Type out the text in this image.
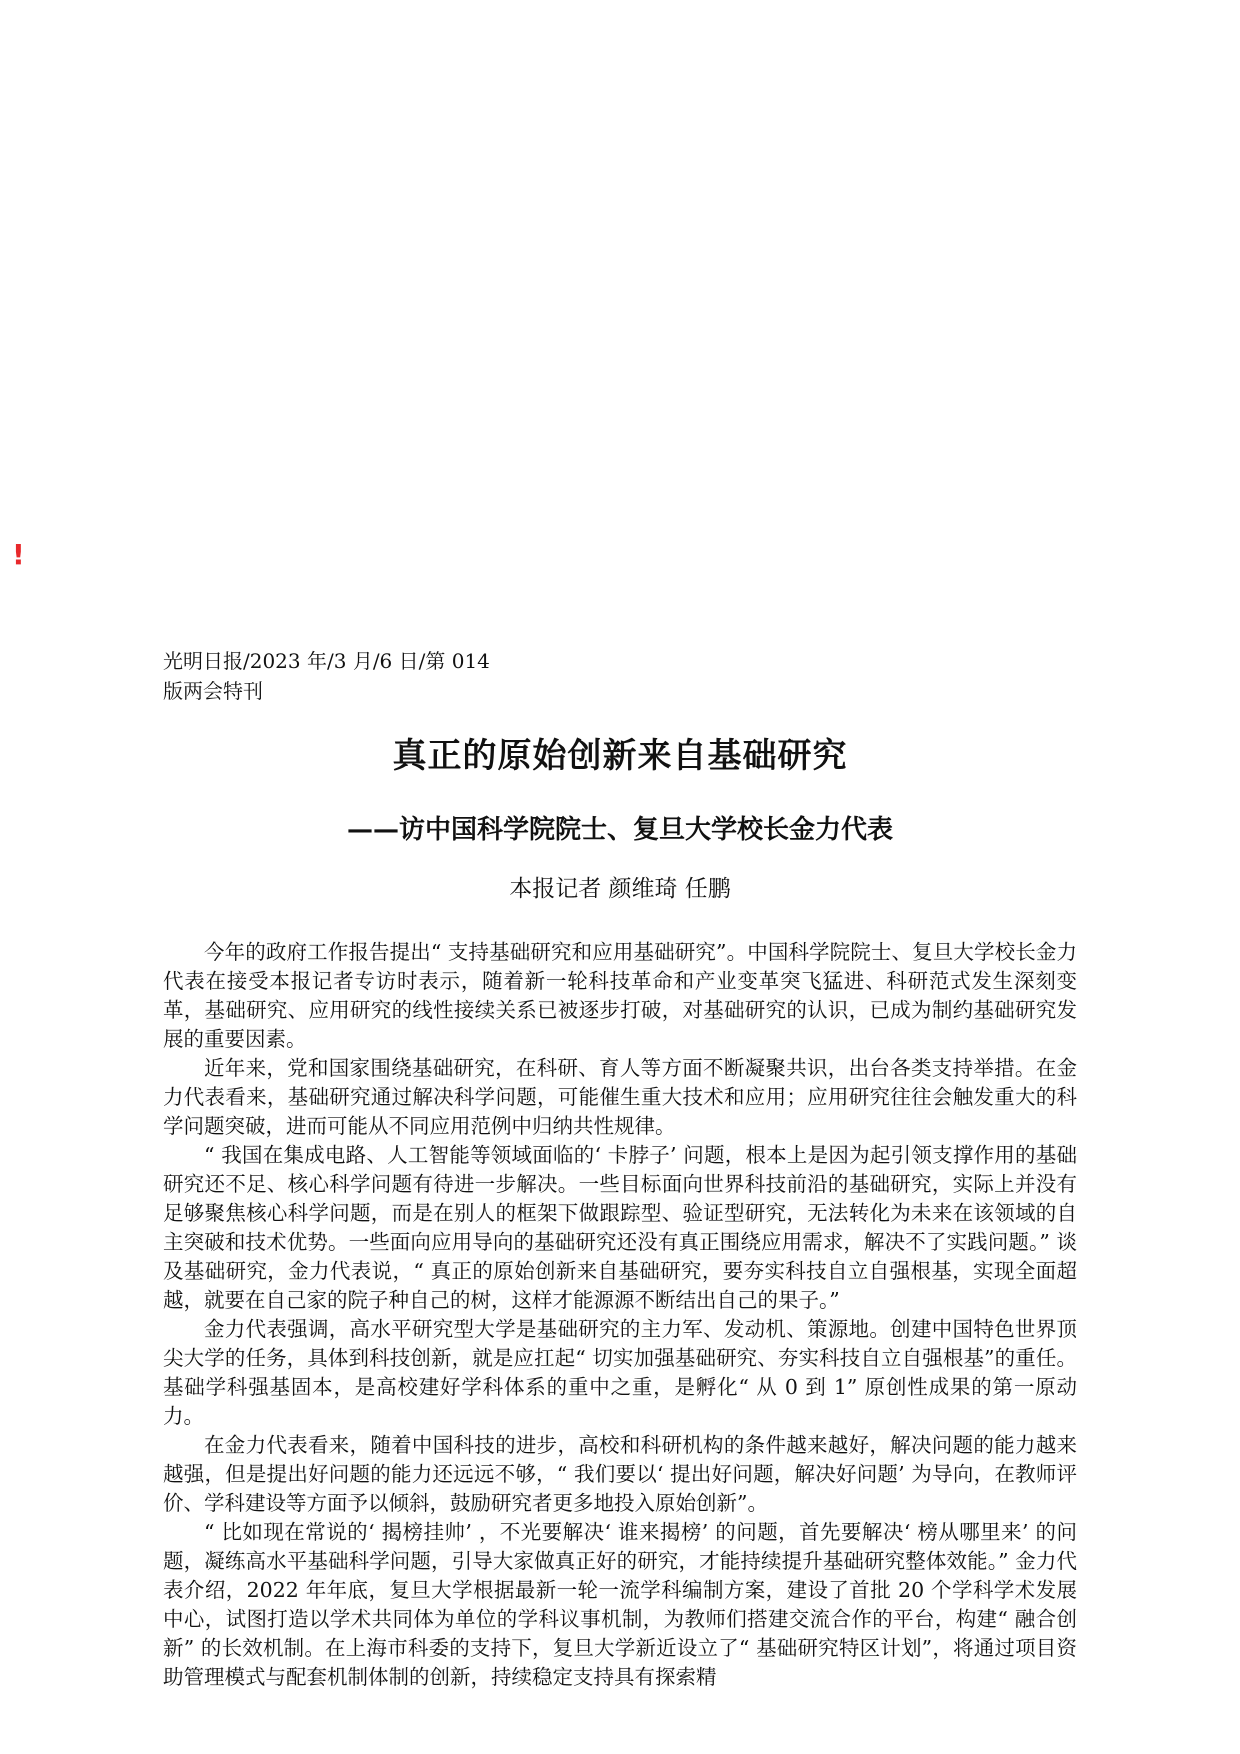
!
光明日报/2023 年/3 月/6 日/第 014
版两会特刊
真正的原始创新来自基础研究
——访中国科学院院士、复旦大学校长金力代表
本报记者 颜维琦 任鹏

今年的政府工作报告提出“ 支持基础研究和应用基础研究”。中国科学院院士、复旦大学校长金力代表在接受本报记者专访时表示，随着新一轮科技革命和产业变革突飞猛进、科研范式发生深刻变革，基础研究、应用研究的线性接续关系已被逐步打破，对基础研究的认识，已成为制约基础研究发展的重要因素。

近年来，党和国家围绕基础研究，在科研、育人等方面不断凝聚共识，出台各类支持举措。在金力代表看来，基础研究通过解决科学问题，可能催生重大技术和应用；应用研究往往会触发重大的科学问题突破，进而可能从不同应用范例中归纳共性规律。

“ 我国在集成电路、人工智能等领域面临的‘ 卡脖子’ 问题，根本上是因为起引领支撑作用的基础研究还不足、核心科学问题有待进一步解决。一些目标面向世界科技前沿的基础研究，实际上并没有足够聚焦核心科学问题，而是在别人的框架下做跟踪型、验证型研究，无法转化为未来在该领域的自主突破和技术优势。一些面向应用导向的基础研究还没有真正围绕应用需求，解决不了实践问题。” 谈及基础研究，金力代表说，“ 真正的原始创新来自基础研究，要夯实科技自立自强根基，实现全面超越，就要在自己家的院子种自己的树，这样才能源源不断结出自己的果子。”

金力代表强调，高水平研究型大学是基础研究的主力军、发动机、策源地。创建中国特色世界顶尖大学的任务，具体到科技创新，就是应扛起“ 切实加强基础研究、夯实科技自立自强根基”的重任。基础学科强基固本，是高校建好学科体系的重中之重，是孵化“ 从 0 到 1” 原创性成果的第一原动力。

在金力代表看来，随着中国科技的进步，高校和科研机构的条件越来越好，解决问题的能力越来越强，但是提出好问题的能力还远远不够，“ 我们要以‘ 提出好问题，解决好问题’ 为导向，在教师评价、学科建设等方面予以倾斜，鼓励研究者更多地投入原始创新”。

“ 比如现在常说的‘ 揭榜挂帅’ ，不光要解决‘ 谁来揭榜’ 的问题，首先要解决‘ 榜从哪里来’ 的问题，凝练高水平基础科学问题，引导大家做真正好的研究，才能持续提升基础研究整体效能。” 金力代表介绍，2022 年年底，复旦大学根据最新一轮一流学科编制方案，建设了首批 20 个学科学术发展中心，试图打造以学术共同体为单位的学科议事机制，为教师们搭建交流合作的平台，构建“ 融合创新” 的长效机制。在上海市科委的支持下，复旦大学新近设立了“ 基础研究特区计划”，将通过项目资助管理模式与配套机制体制的创新，持续稳定支持具有探索精
